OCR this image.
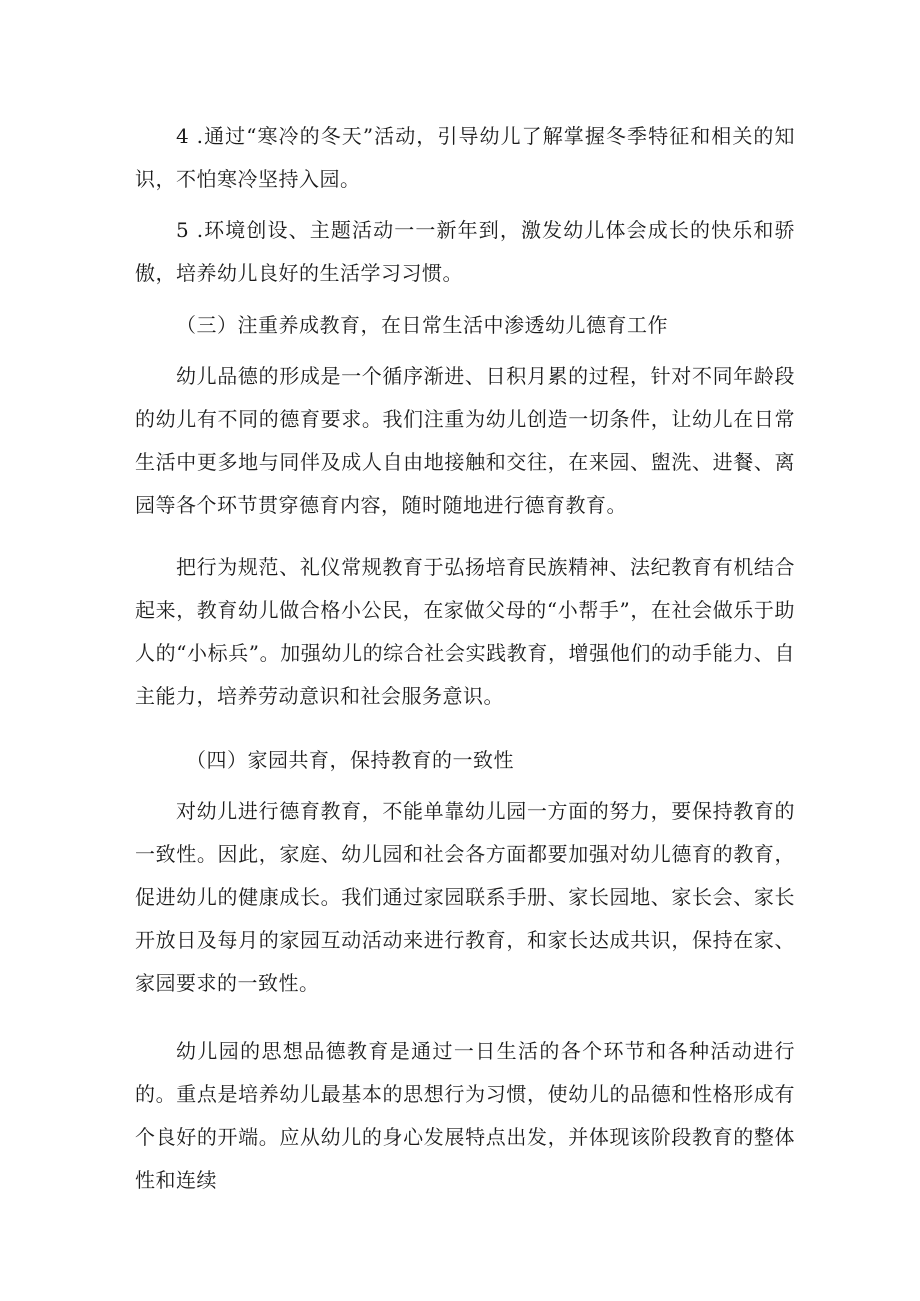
4 .通过“寒冷的冬天”活动，引导幼儿了解掌握冬季特征和相关的知识，不怕寒冷坚持入园。

5 .环境创设、主题活动一一新年到，激发幼儿体会成长的快乐和骄傲，培养幼儿良好的生活学习习惯。

（三）注重养成教育，在日常生活中渗透幼儿德育工作

幼儿品德的形成是一个循序渐进、日积月累的过程，针对不同年龄段的幼儿有不同的德育要求。我们注重为幼儿创造一切条件，让幼儿在日常生活中更多地与同伴及成人自由地接触和交往，在来园、盥洗、进餐、离园等各个环节贯穿德育内容，随时随地进行德育教育。

把行为规范、礼仪常规教育于弘扬培育民族精神、法纪教育有机结合起来，教育幼儿做合格小公民，在家做父母的“小帮手”，在社会做乐于助人的“小标兵”。加强幼儿的综合社会实践教育，增强他们的动手能力、自主能力，培养劳动意识和社会服务意识。

（四）家园共育，保持教育的一致性

对幼儿进行德育教育，不能单靠幼儿园一方面的努力，要保持教育的一致性。因此，家庭、幼儿园和社会各方面都要加强对幼儿德育的教育，促进幼儿的健康成长。我们通过家园联系手册、家长园地、家长会、家长开放日及每月的家园互动活动来进行教育，和家长达成共识，保持在家、家园要求的一致性。

幼儿园的思想品德教育是通过一日生活的各个环节和各种活动进行的。重点是培养幼儿最基本的思想行为习惯，使幼儿的品德和性格形成有个良好的开端。应从幼儿的身心发展特点出发，并体现该阶段教育的整体性和连续
